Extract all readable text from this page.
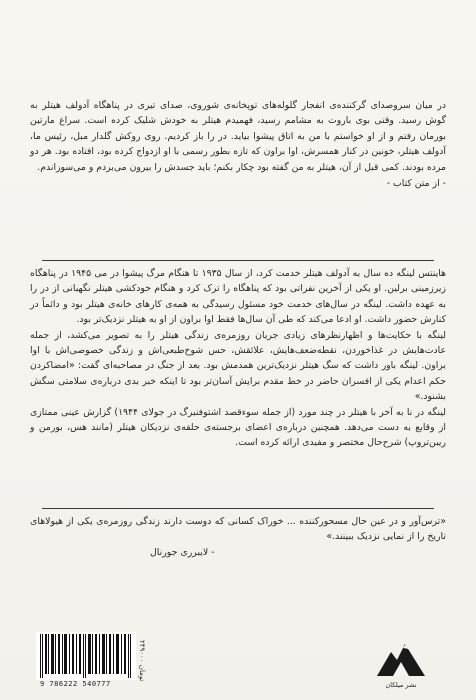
در میان سروصدای گرکننده‌ی انفجار گلوله‌های توپخانه‌ی شوروی، صدای تیری در پناهگاه آدولف هیتلر به گوش رسید. وقتی بوی باروت به مشامم رسید، فهمیدم هیتلر به خودش شلیک کرده است. سراغ مارتین بورمان رفتم و از او خواستم با من به اتاق پیشوا بیاید. در را باز کردیم. روی روکش گلدار مبل، رئیس ما، آدولف هیتلر، خونین در کنار همسرش، اوا براون که تازه بطور رسمی با او ازدواج کرده بود، افتاده بود. هر دو مرده بودند. کمی قبل از آن، هیتلر به من گفته بود چکار بکنم؛ باید جسدش را بیرون می‌بردم و می‌سوزاندم.
- از متن کتاب -

هاینتس لینگه ده سال به آدولف هیتلر خدمت کرد، از سال ۱۹۳۵ تا هنگام مرگ پیشوا در می ۱۹۴۵ در پناهگاه زیرزمینی برلین. او یکی از آخرین نفراتی بود که پناهگاه را ترک کرد و هنگام خودکشی هیتلر نگهبانی از در را به عهده داشت. لینگه در سال‌های خدمت خود مسئول رسیدگی به همه‌ی کارهای خانه‌ی هیتلر بود و دائماً در کنارش حضور داشت. او ادعا می‌کند که طی آن سال‌ها فقط اوا براون از او به هیتلر نزدیک‌تر بود.

لینگه با حکایت‌ها و اظهارنظرهای زیادی جریان روزمره‌ی زندگی هیتلر را به تصویر می‌کشد، از جمله عادت‌هایش در غذاخوردن، نقطه‌ضعف‌هایش، علائقش، حس شوخ‌طبعی‌اش و زندگی خصوصی‌اش با اوا براون. لینگه باور داشت که سگ هیتلر نزدیک‌ترین همدمش بود. بعد از جنگ در مصاحبه‌ای گفت: «امضاکردن حکم اعدام یکی از افسران حاضر در خط مقدم برایش آسان‌تر بود تا اینکه خبر بدی درباره‌ی سلامتی سگش بشنود.»

لینگه در نا به آخر با هیتلر در چند مورد (از جمله سوءقصد اشتوفنبرگ در جولای ۱۹۴۴) گزارش عینی ممتازی از وقایع به دست می‌دهد. همچنین درباره‌ی اعضای برجسته‌ی حلقه‌ی نزدیکان هیتلر (مانند هس، بورمن و ریبن‌تروپ) شرح‌حال مختصر و مفیدی ارائه کرده است.

«ترس‌آور و در عین حال مسحورکننده ... خوراک کسانی که دوست دارند زندگی روزمره‌ی یکی از هیولاهای تاریخ را از نمایی نزدیک ببینند.»
- لایبرری جورنال
9 786222 540777
۲۴۹۰۰۰ تومان
نشر میلکان
